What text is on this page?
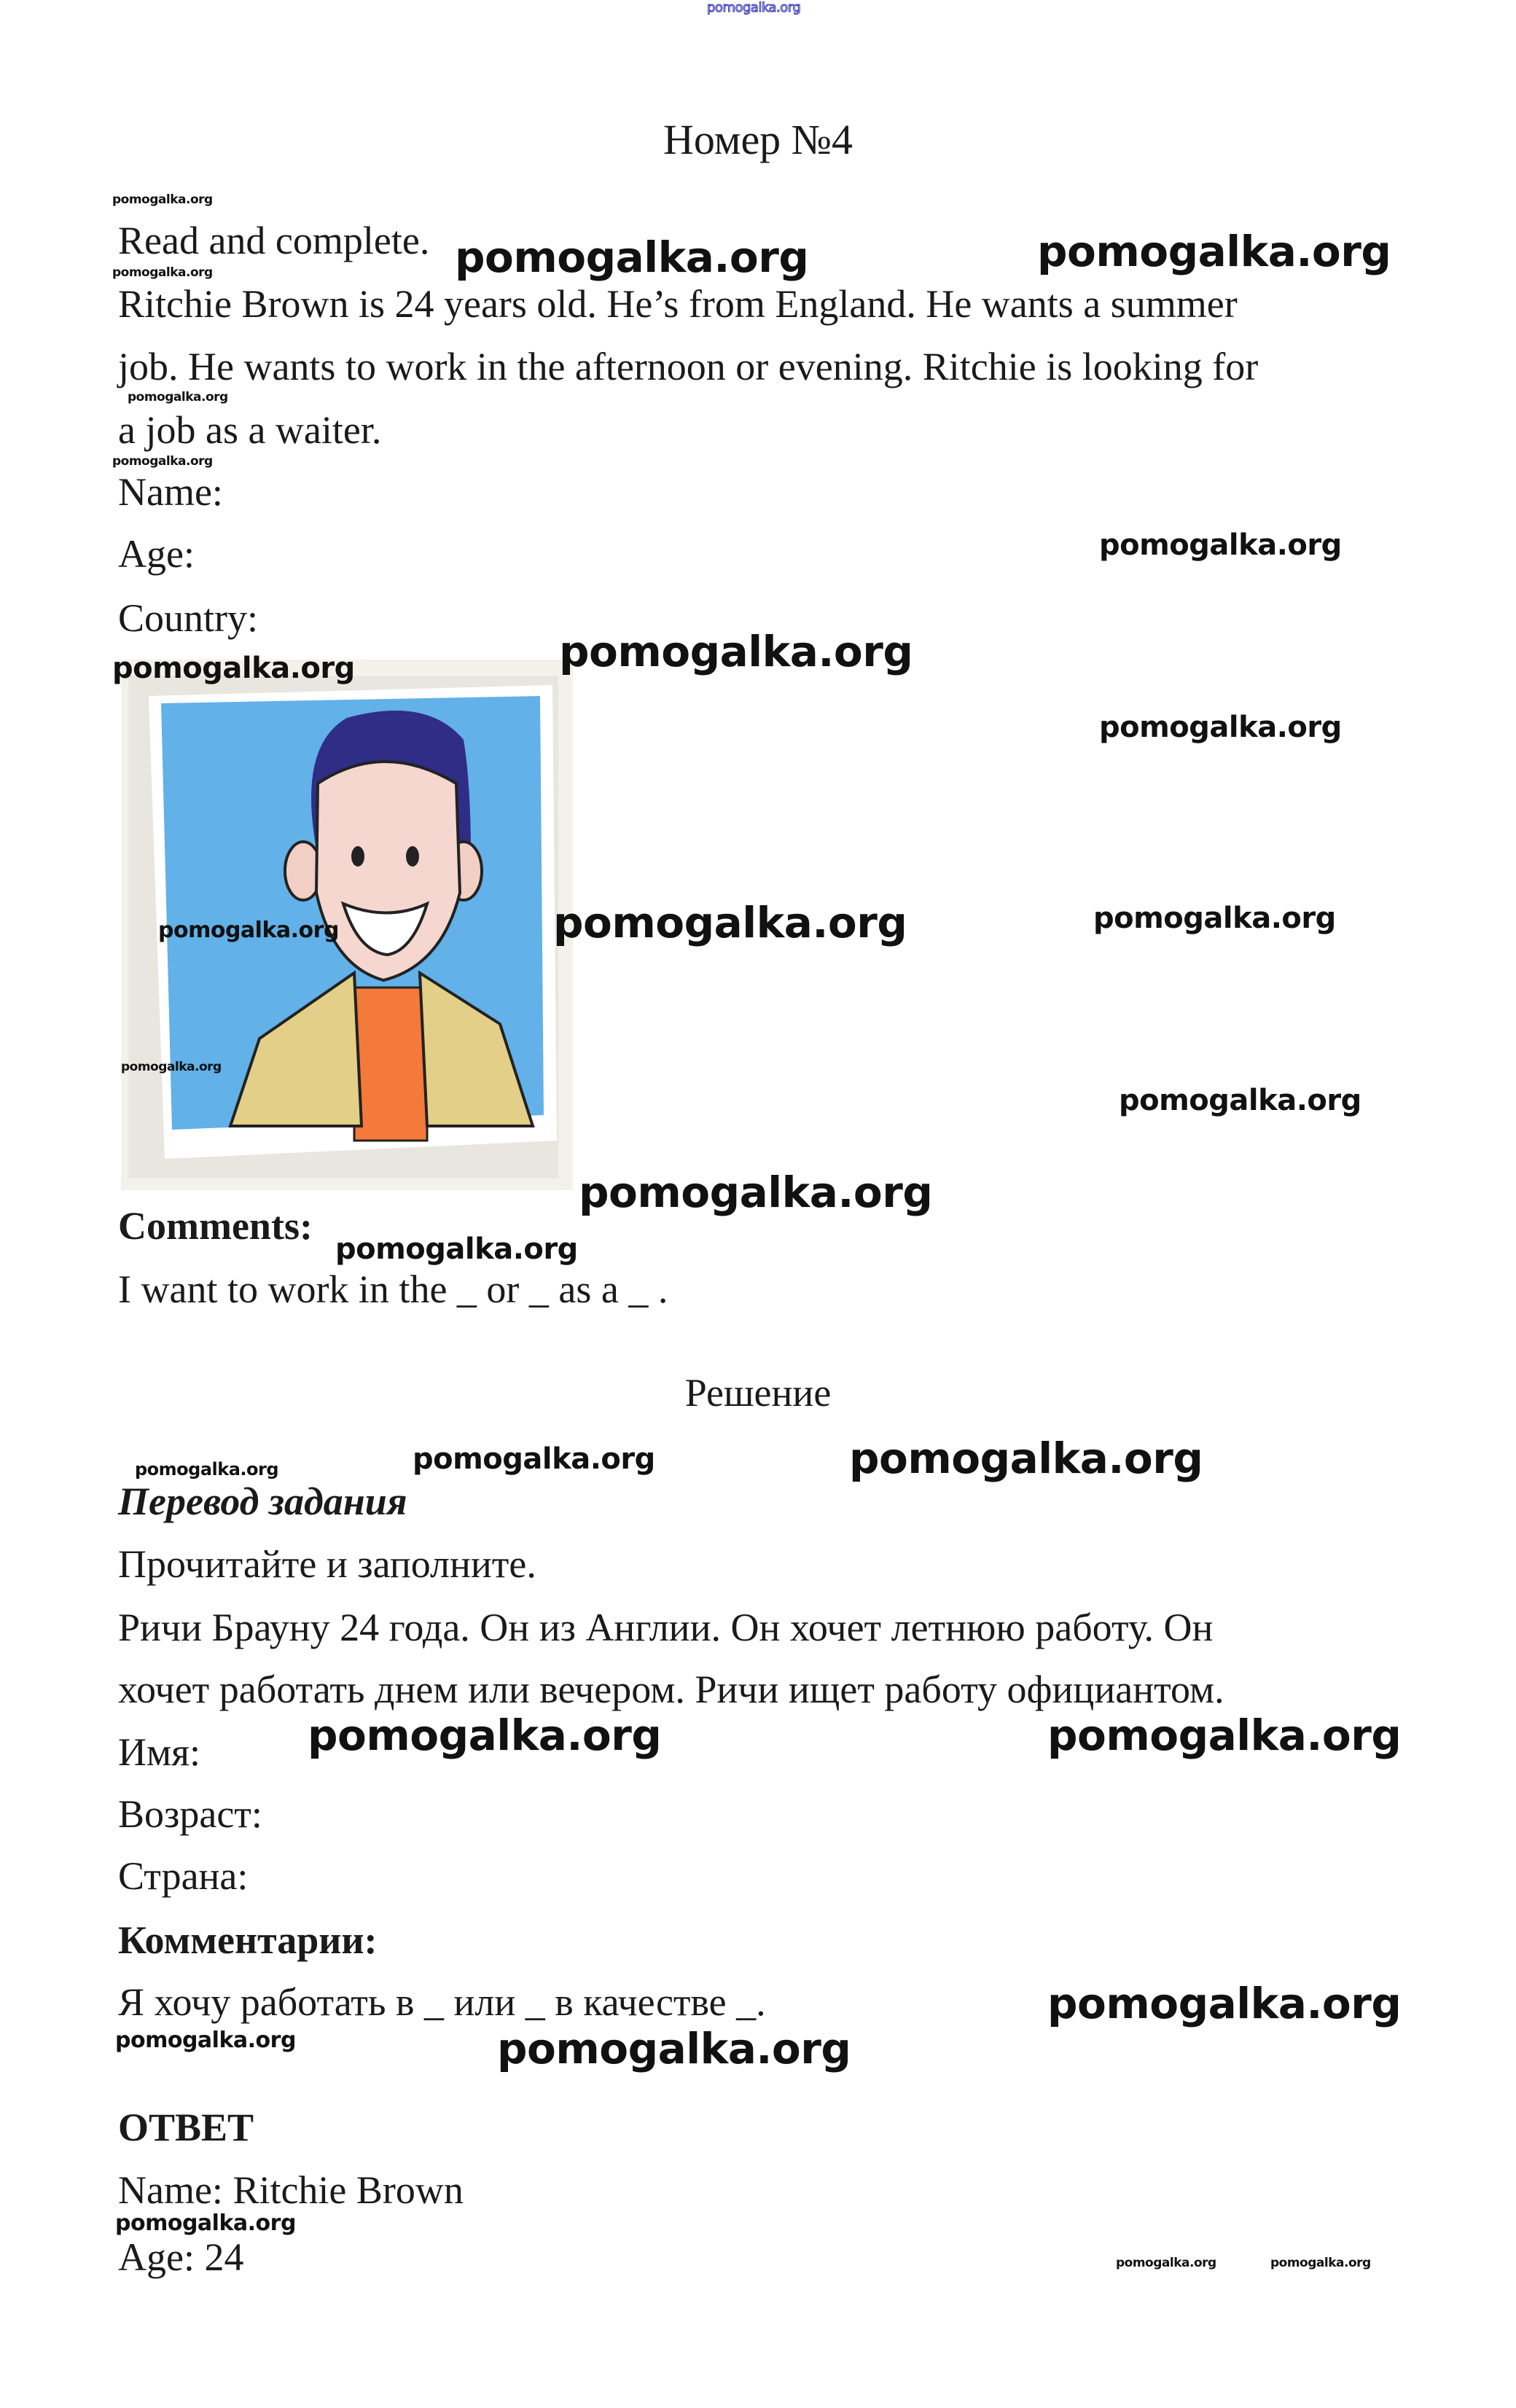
pomogalka.org
Номер №4
Read and complete.
Ritchie Brown is 24 years old. He’s from England. He wants a summer
job. He wants to work in the afternoon or evening. Ritchie is looking for
a job as a waiter.
Name:
Age:
Country:
Comments:
I want to work in the _ or _ as a _ .
Решение
Перевод задания
Прочитайте и заполните.
Ричи Брауну 24 года. Он из Англии. Он хочет летнюю работу. Он
хочет работать днем или вечером. Ричи ищет работу официантом.
Имя:
Возраст:
Страна:
Комментарии:
Я хочу работать в _ или _ в качестве _.
ОТВЕТ
Name: Ritchie Brown
Age: 24
pomogalka.org	pomogalka.org
pomogalka.org
pomogalka.org
pomogalka.org
pomogalka.org
pomogalka.org	pomogalka.org
pomogalka.org
pomogalka.org
pomogalka.org
pomogalka.org
pomogalka.org
pomogalka.org
pomogalka.org
pomogalka.org
pomogalka.org
pomogalka.org
pomogalka.org
pomogalka.org
pomogalka.org
pomogalka.org
pomogalka.org
pomogalka.org
pomogalka.org
pomogalka.org
pomogalka.org	pomogalka.org
